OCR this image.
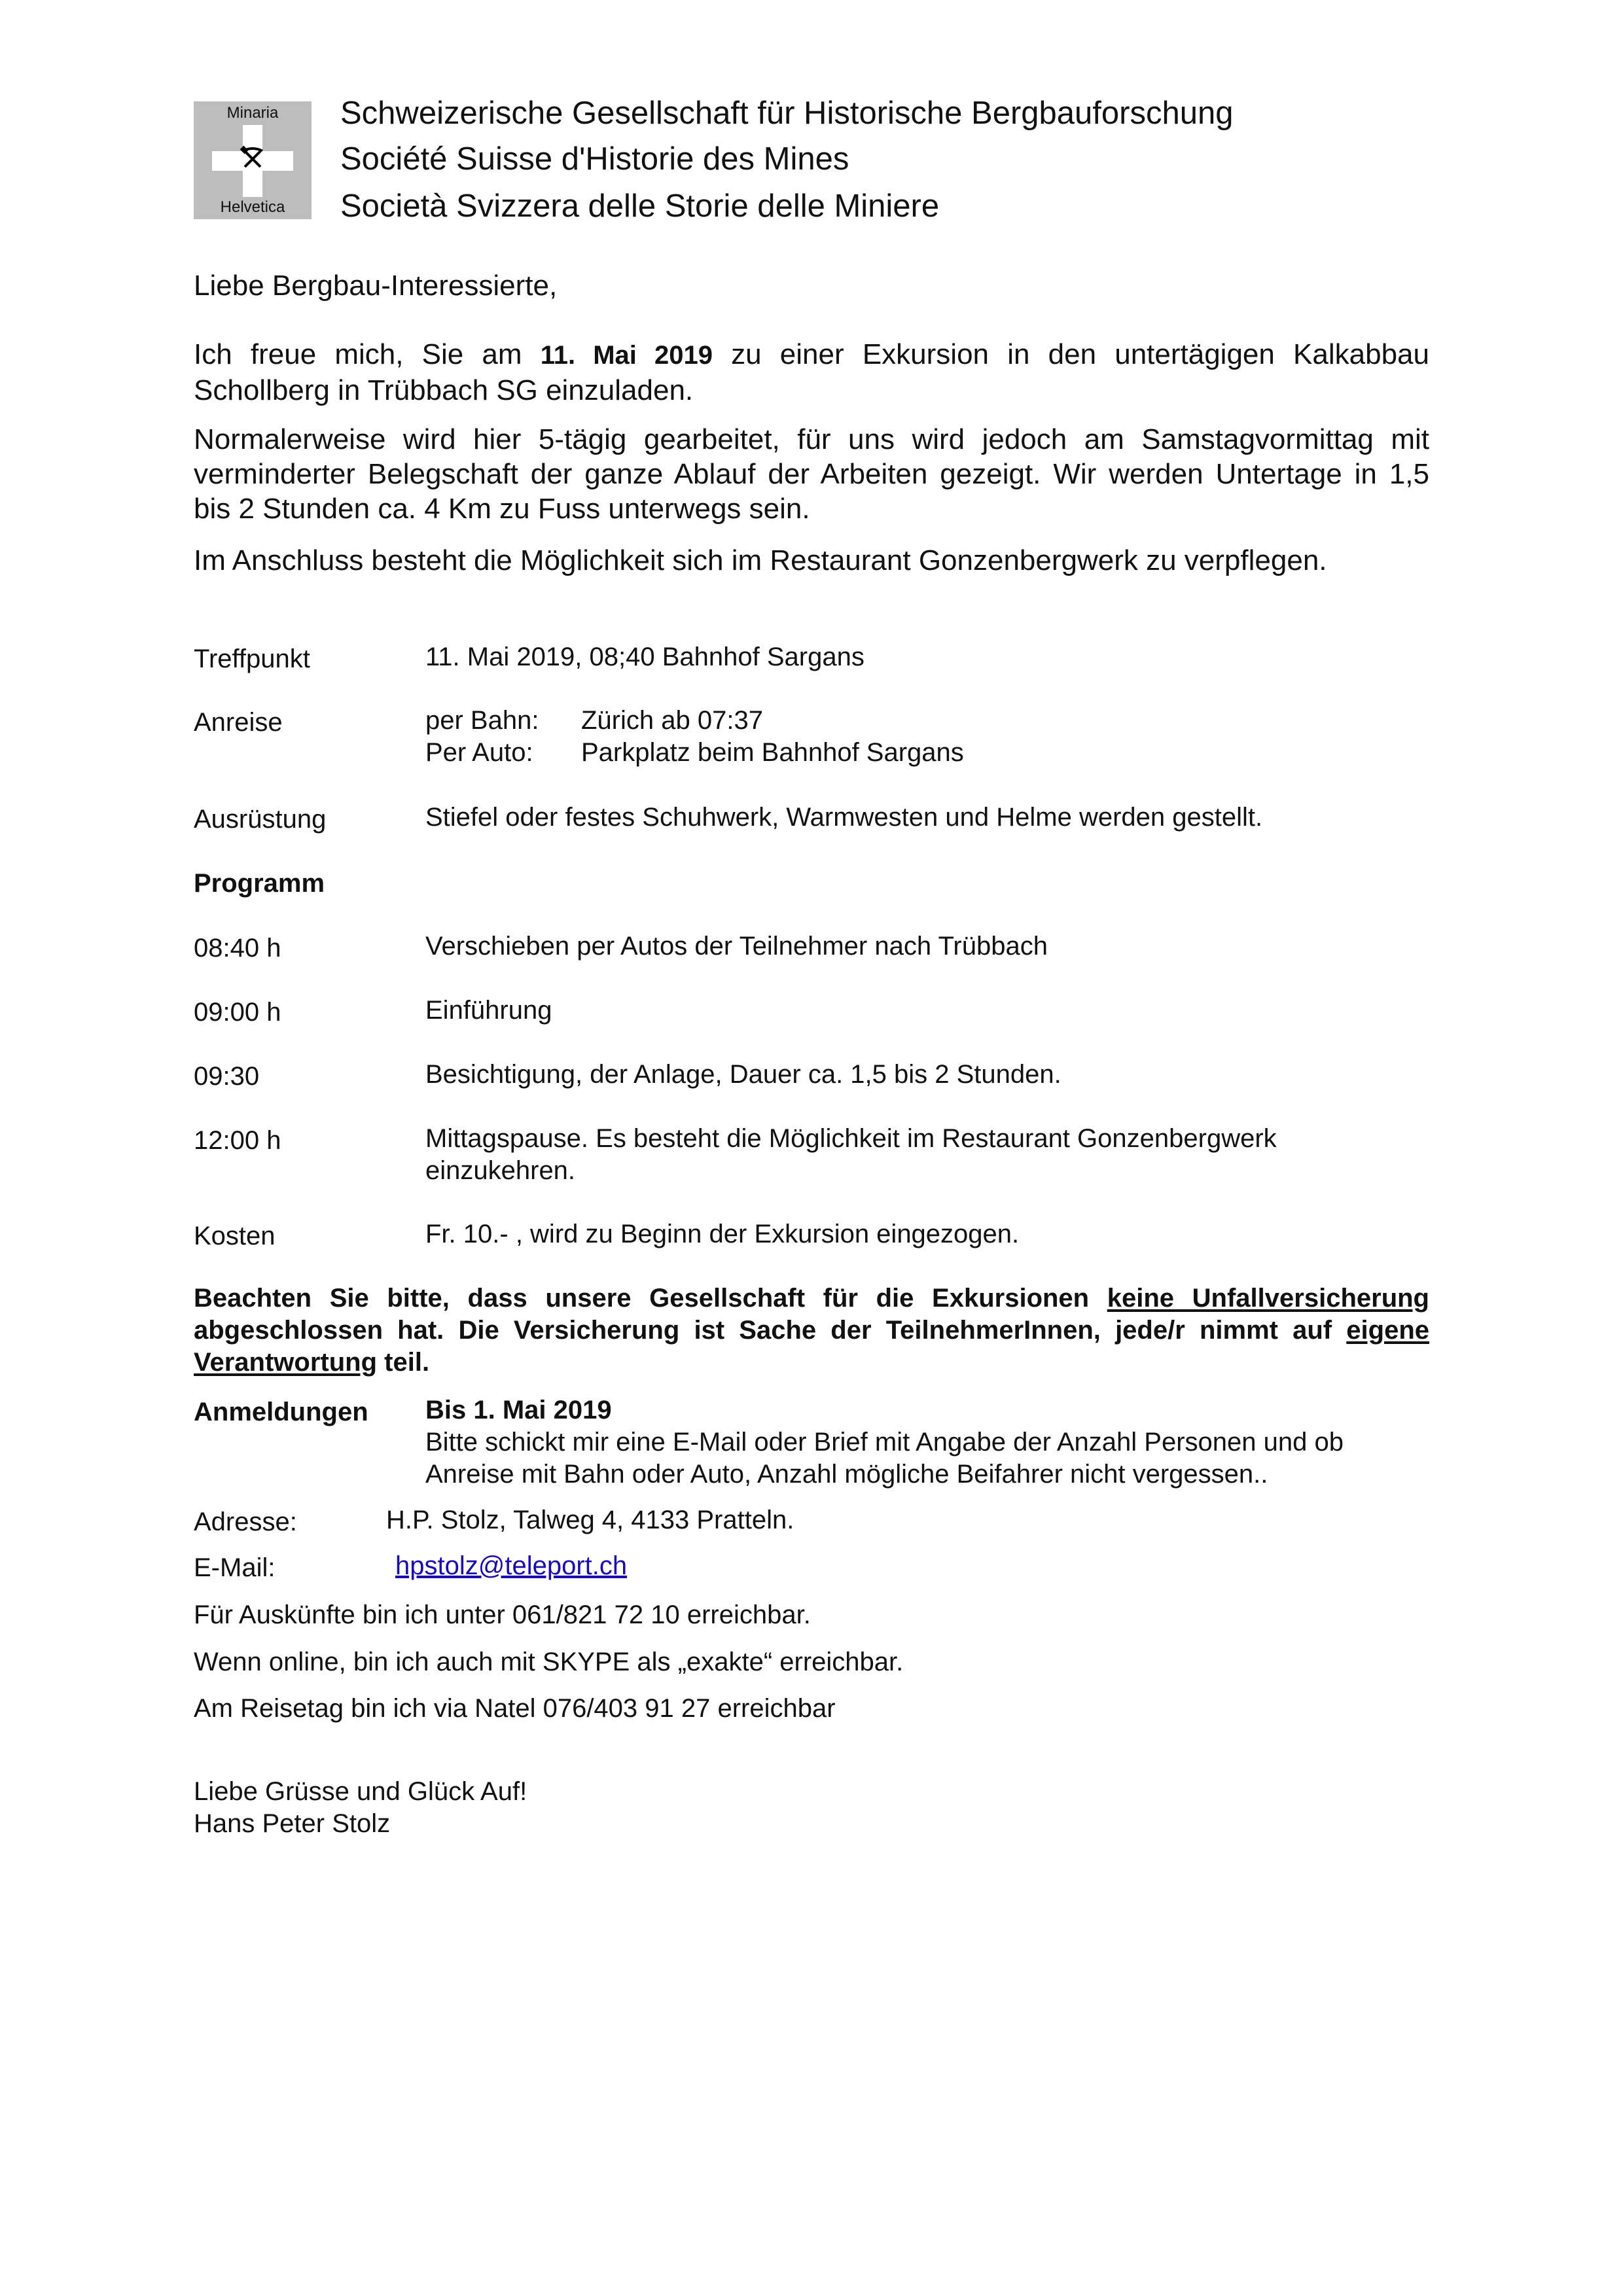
Minaria
Helvetica
Schweizerische Gesellschaft für Historische Bergbauforschung
Société Suisse d'Historie des Mines
Società Svizzera delle Storie delle Miniere
Liebe Bergbau-Interessierte,
Ich freue mich, Sie am 11. Mai 2019 zu einer Exkursion in den untertägigen Kalkabbau
Schollberg in Trübbach SG einzuladen.
Normalerweise wird hier 5-tägig gearbeitet, für uns wird jedoch am Samstagvormittag mit
verminderter Belegschaft der ganze Ablauf der Arbeiten gezeigt. Wir werden Untertage in 1,5
bis 2 Stunden ca. 4 Km zu Fuss unterwegs sein.
Im Anschluss besteht die Möglichkeit sich im Restaurant Gonzenbergwerk zu verpflegen.
Treffpunkt	11. Mai 2019, 08;40 Bahnhof Sargans
Anreise	per Bahn: Zürich ab 07:37
Per Auto: Parkplatz beim Bahnhof Sargans
Ausrüstung	Stiefel oder festes Schuhwerk, Warmwesten und Helme werden gestellt.
Programm
08:40 h	Verschieben per Autos der Teilnehmer nach Trübbach
09:00 h	Einführung
09:30	Besichtigung, der Anlage, Dauer ca. 1,5 bis 2 Stunden.
12:00 h	Mittagspause. Es besteht die Möglichkeit im Restaurant Gonzenbergwerk
einzukehren.
Kosten	Fr. 10.- , wird zu Beginn der Exkursion eingezogen.
Beachten Sie bitte, dass unsere Gesellschaft für die Exkursionen keine Unfallversicherung
abgeschlossen hat. Die Versicherung ist Sache der TeilnehmerInnen, jede/r nimmt auf eigene
Verantwortung teil.
Anmeldungen Bis 1. Mai 2019
Bitte schickt mir eine E-Mail oder Brief mit Angabe der Anzahl Personen und ob
Anreise mit Bahn oder Auto, Anzahl mögliche Beifahrer nicht vergessen..
Adresse:	H.P. Stolz, Talweg 4, 4133 Pratteln.
E-Mail:	hpstolz@teleport.ch
Für Auskünfte bin ich unter 061/821 72 10 erreichbar.
Wenn online, bin ich auch mit SKYPE als „exakte“ erreichbar.
Am Reisetag bin ich via Natel 076/403 91 27 erreichbar
Liebe Grüsse und Glück Auf!
Hans Peter Stolz
